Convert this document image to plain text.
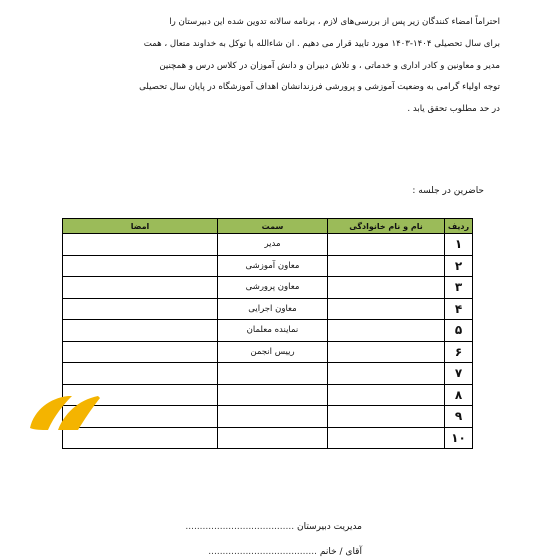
احتراماً امضاء کنندگان زیر پس از بررسی‌های لازم ، برنامه سالانه تدوین شده این دبیرستان را
برای سال تحصیلی ۱۴۰۴-۱۴۰۳ مورد تایید قرار می دهیم . ان شاءالله با توکل به خداوند متعال ، همت
مدیر و معاونین و کادر اداری و خدماتی ، و تلاش دبیران و دانش آموزان در کلاس درس و همچنین
توجه اولیاء گرامی به وضعیت آموزشی و پرورشی فرزندانشان اهداف آموزشگاه در پایان سال تحصیلی
در حد مطلوب تحقق یابد .
حاضرین در جلسه :
ردیف	نام و نام خانوادگی	سمت	امضا
۱		مدیر	
۲		معاون آموزشی	
۳		معاون پرورشی	
۴		معاون اجرایی	
۵		نماینده معلمان	
۶		رییس انجمن	
۷			
۸			
۹			
۱۰			
مدیریت دبیرستان ......................................
آقای / خانم ......................................
